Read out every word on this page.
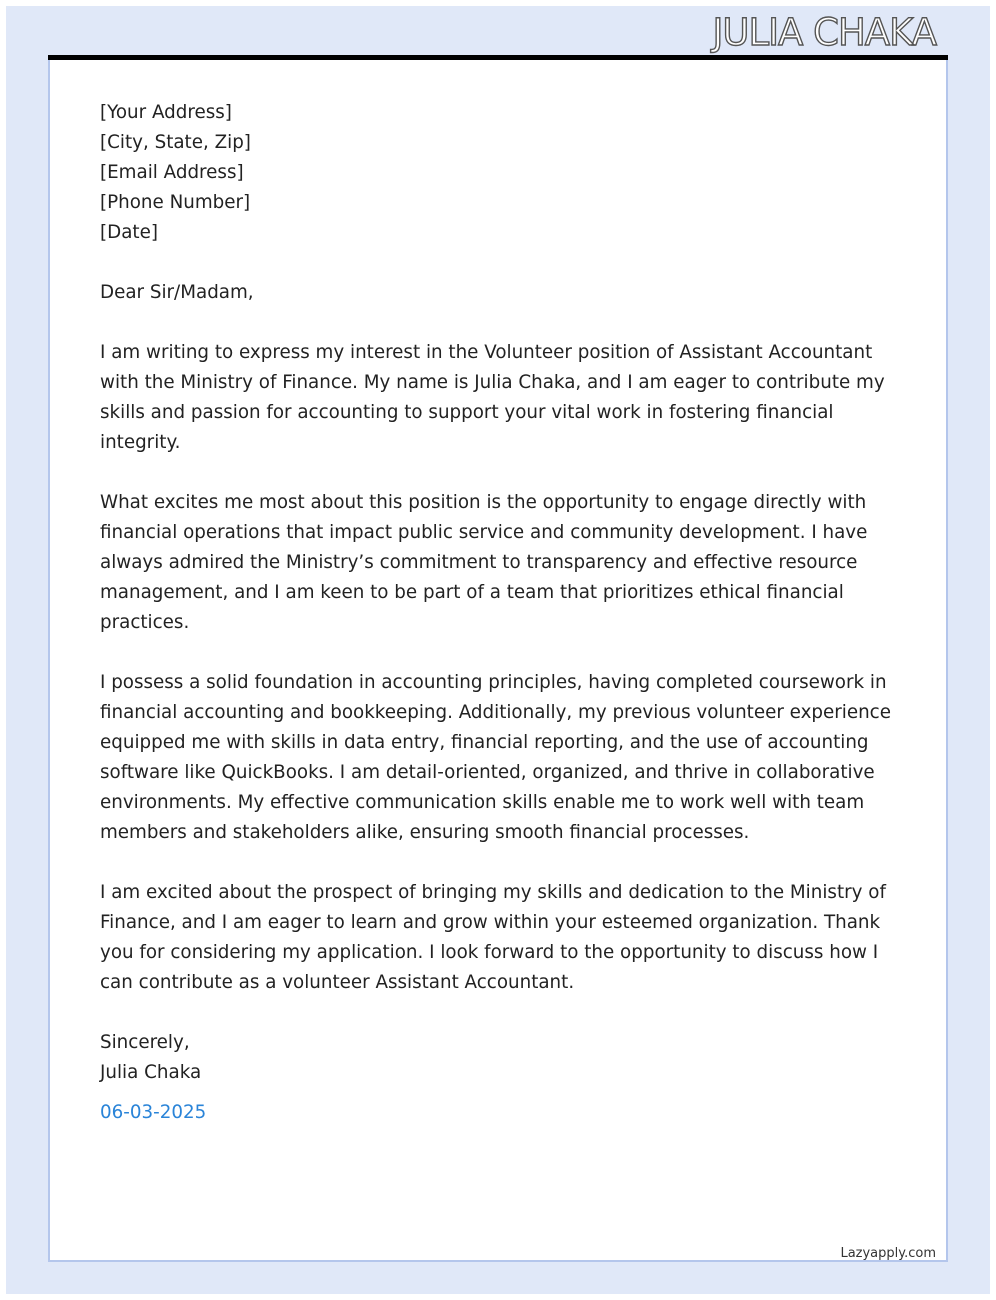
JULIA CHAKA
[Your Address]
[City, State, Zip]
[Email Address]
[Phone Number]
[Date]
Dear Sir/Madam,

I am writing to express my interest in the Volunteer position of Assistant Accountant with the Ministry of Finance. My name is Julia Chaka, and I am eager to contribute my skills and passion for accounting to support your vital work in fostering financial integrity.

What excites me most about this position is the opportunity to engage directly with financial operations that impact public service and community development. I have always admired the Ministry’s commitment to transparency and effective resource management, and I am keen to be part of a team that prioritizes ethical financial practices.

I possess a solid foundation in accounting principles, having completed coursework in financial accounting and bookkeeping. Additionally, my previous volunteer experience equipped me with skills in data entry, financial reporting, and the use of accounting software like QuickBooks. I am detail-oriented, organized, and thrive in collaborative environments. My effective communication skills enable me to work well with team members and stakeholders alike, ensuring smooth financial processes.

I am excited about the prospect of bringing my skills and dedication to the Ministry of Finance, and I am eager to learn and grow within your esteemed organization. Thank you for considering my application. I look forward to the opportunity to discuss how I can contribute as a volunteer Assistant Accountant.

Sincerely,
Julia Chaka
06-03-2025
Lazyapply.com
